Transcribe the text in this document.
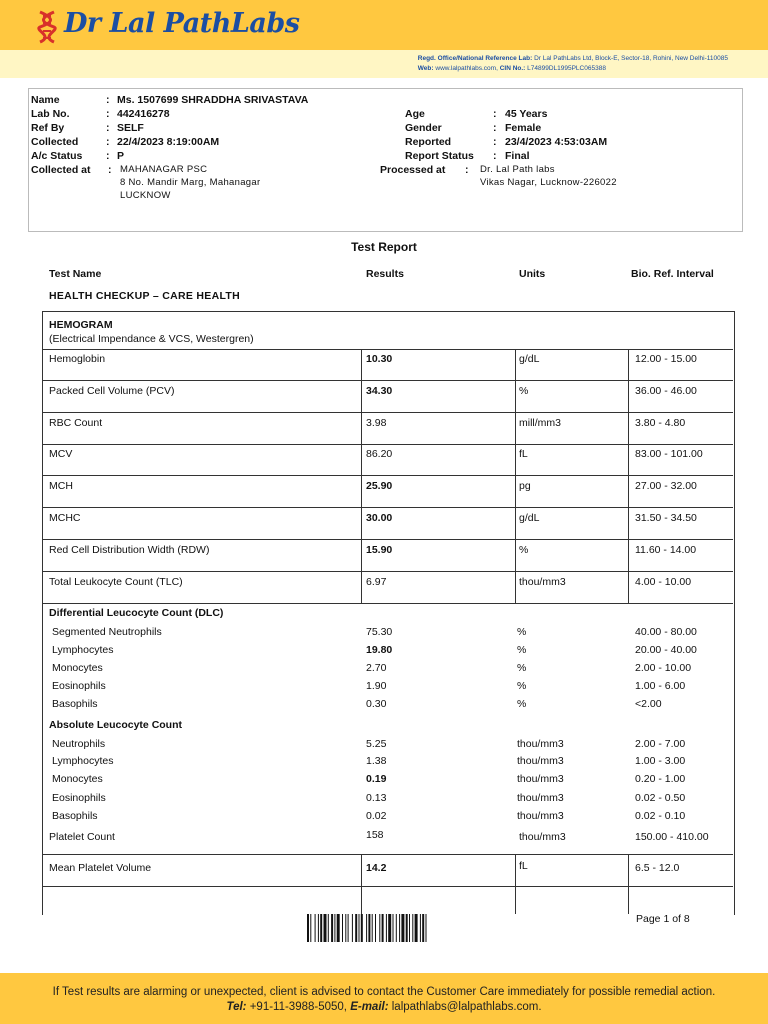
Dr Lal PathLabs
Regd. Office/National Reference Lab: Dr Lal PathLabs Ltd, Block-E, Sector-18, Rohini, New Delhi-110085
Web: www.lalpathlabs.com, CIN No.: L74899DL1995PLC065388
Name	: Ms. 1507699 SHRADDHA SRIVASTAVA
Lab No.	: 442416278
Ref By	: SELF
Collected	: 22/4/2023 8:19:00AM
A/c Status : P
Collected at : MAHANAGAR PSC
8 No. Mandir Marg, Mahanagar
LUCKNOW
Age	: 45 Years
Gender	: Female
Reported	: 23/4/2023 4:53:03AM
Report Status : Final
Processed at : Dr. Lal Path labs
Vikas Nagar, Lucknow-226022
Test Report
Test Name	Results	Units	Bio. Ref. Interval
HEALTH CHECKUP – CARE HEALTH
HEMOGRAM
(Electrical Impendance & VCS, Westergren)
Hemoglobin	10.30	g/dL	12.00 - 15.00
Packed Cell Volume (PCV)	34.30	%	36.00 - 46.00
RBC Count	3.98	mill/mm3	3.80 - 4.80
MCV	86.20	fL	83.00 - 101.00
MCH	25.90	pg	27.00 - 32.00
MCHC	30.00	g/dL	31.50 - 34.50
Red Cell Distribution Width (RDW)	15.90	%	11.60 - 14.00
Total Leukocyte Count (TLC)	6.97	thou/mm3	4.00 - 10.00
Segmented Neutrophils	75.30	%	40.00 - 80.00
Lymphocytes	19.80	%	20.00 - 40.00
Monocytes	2.70	%	2.00 - 10.00
Eosinophils	1.90	%	1.00 - 6.00
Basophils	0.30	%	<2.00
Neutrophils	5.25	thou/mm3	2.00 - 7.00
Lymphocytes	1.38	thou/mm3	1.00 - 3.00
Monocytes	0.19	thou/mm3	0.20 - 1.00
Eosinophils	0.13	thou/mm3	0.02 - 0.50
Basophils	0.02	thou/mm3	0.02 - 0.10
Platelet Count	158	thou/mm3	150.00 - 410.00
Mean Platelet Volume	14.2	fL	6.5 - 12.0
Differential Leucocyte Count (DLC)
Absolute Leucocyte Count
Page 1 of 8
If Test results are alarming or unexpected, client is advised to contact the Customer Care immediately for possible remedial action.
Tel: +91-11-3988-5050, E-mail: lalpathlabs@lalpathlabs.com.
